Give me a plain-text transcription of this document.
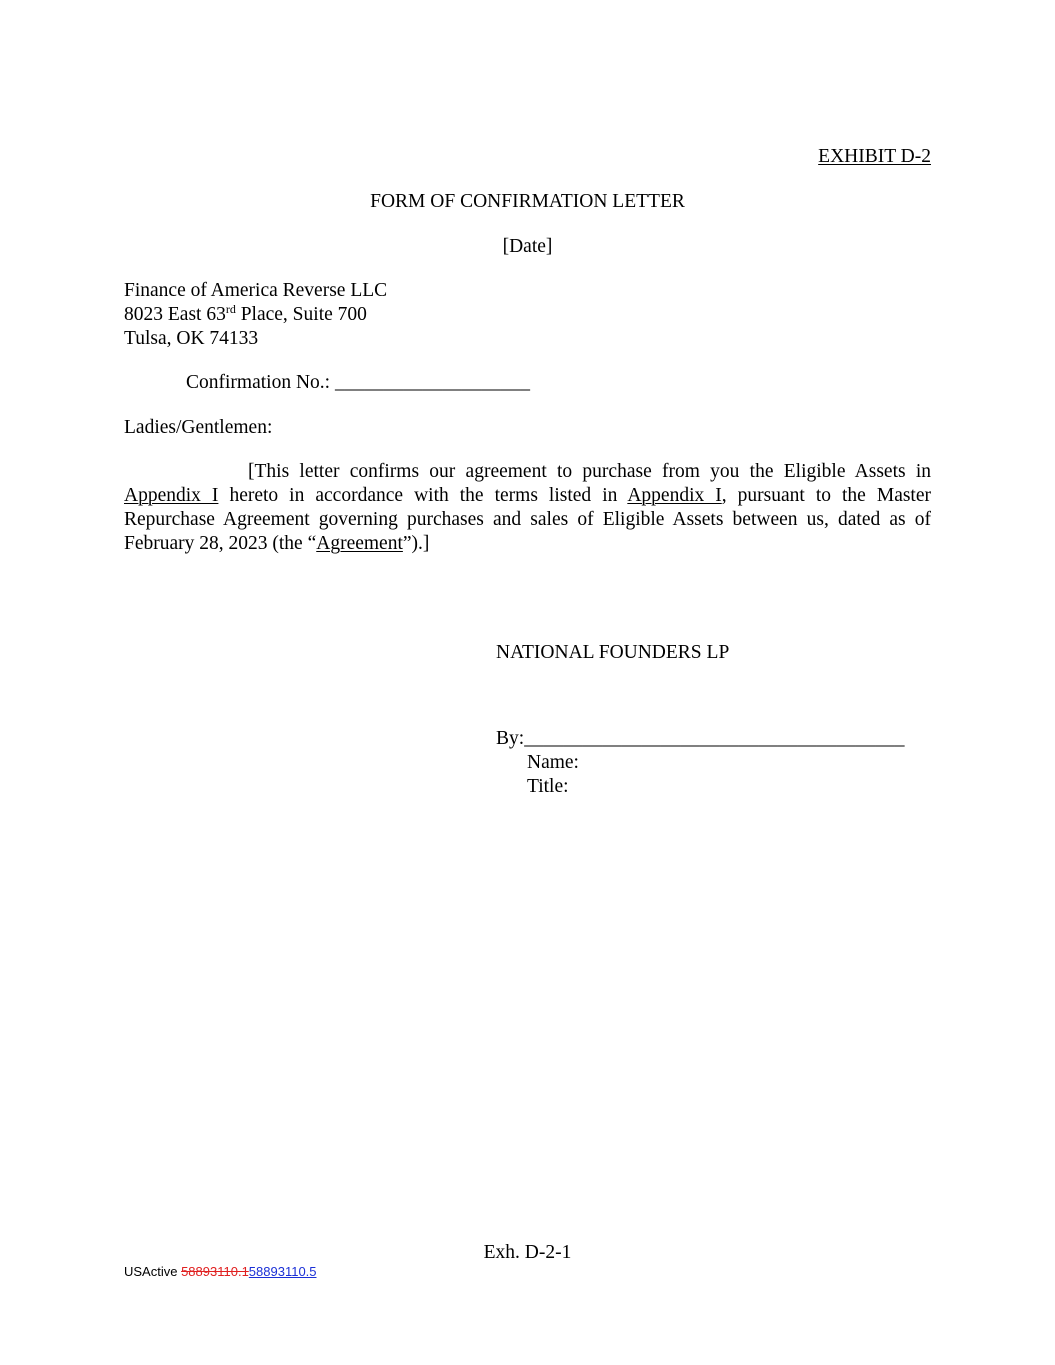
EXHIBIT D-2
FORM OF CONFIRMATION LETTER
[Date]
Finance of America Reverse LLC
8023 East 63rd Place, Suite 700
Tulsa, OK 74133
Confirmation No.: ____________________
Ladies/Gentlemen:
[This letter confirms our agreement to purchase from you the Eligible Assets in Appendix I hereto in accordance with the terms listed in Appendix I, pursuant to the Master Repurchase Agreement governing purchases and sales of Eligible Assets between us, dated as of February 28, 2023 (the “Agreement”).]
NATIONAL FOUNDERS LP
By:_______________________________________
Name:
Title:
Exh. D-2-1
USActive 58893110.158893110.5
